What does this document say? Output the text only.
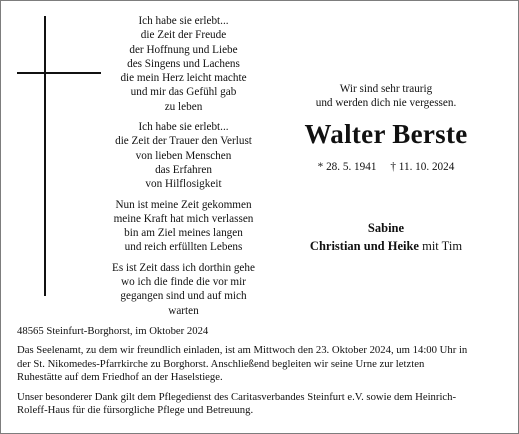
Ich habe sie erlebt...
die Zeit der Freude
der Hoffnung und Liebe
des Singens und Lachens
die mein Herz leicht machte
und mir das Gefühl gab
zu leben
Ich habe sie erlebt...
die Zeit der Trauer den Verlust
von lieben Menschen
das Erfahren
von Hilflosigkeit
Nun ist meine Zeit gekommen
meine Kraft hat mich verlassen
bin am Ziel meines langen
und reich erfüllten Lebens
Es ist Zeit dass ich dorthin gehe
wo ich die finde die vor mir
gegangen sind und auf mich
warten
Wir sind sehr traurig
und werden dich nie vergessen.
Walter Berste
* 28. 5. 1941 † 11. 10. 2024
Sabine
Christian und Heike mit Tim

48565 Steinfurt-Borghorst, im Oktober 2024

Das Seelenamt, zu dem wir freundlich einladen, ist am Mittwoch den 23. Oktober 2024, um 14:00 Uhr in
der St. Nikomedes-Pfarrkirche zu Borghorst. Anschließend begleiten wir seine Urne zur letzten
Ruhestätte auf dem Friedhof an der Haselstiege.

Unser besonderer Dank gilt dem Pflegedienst des Caritasverbandes Steinfurt e.V. sowie dem Heinrich-
Roleff-Haus für die fürsorgliche Pflege und Betreuung.
